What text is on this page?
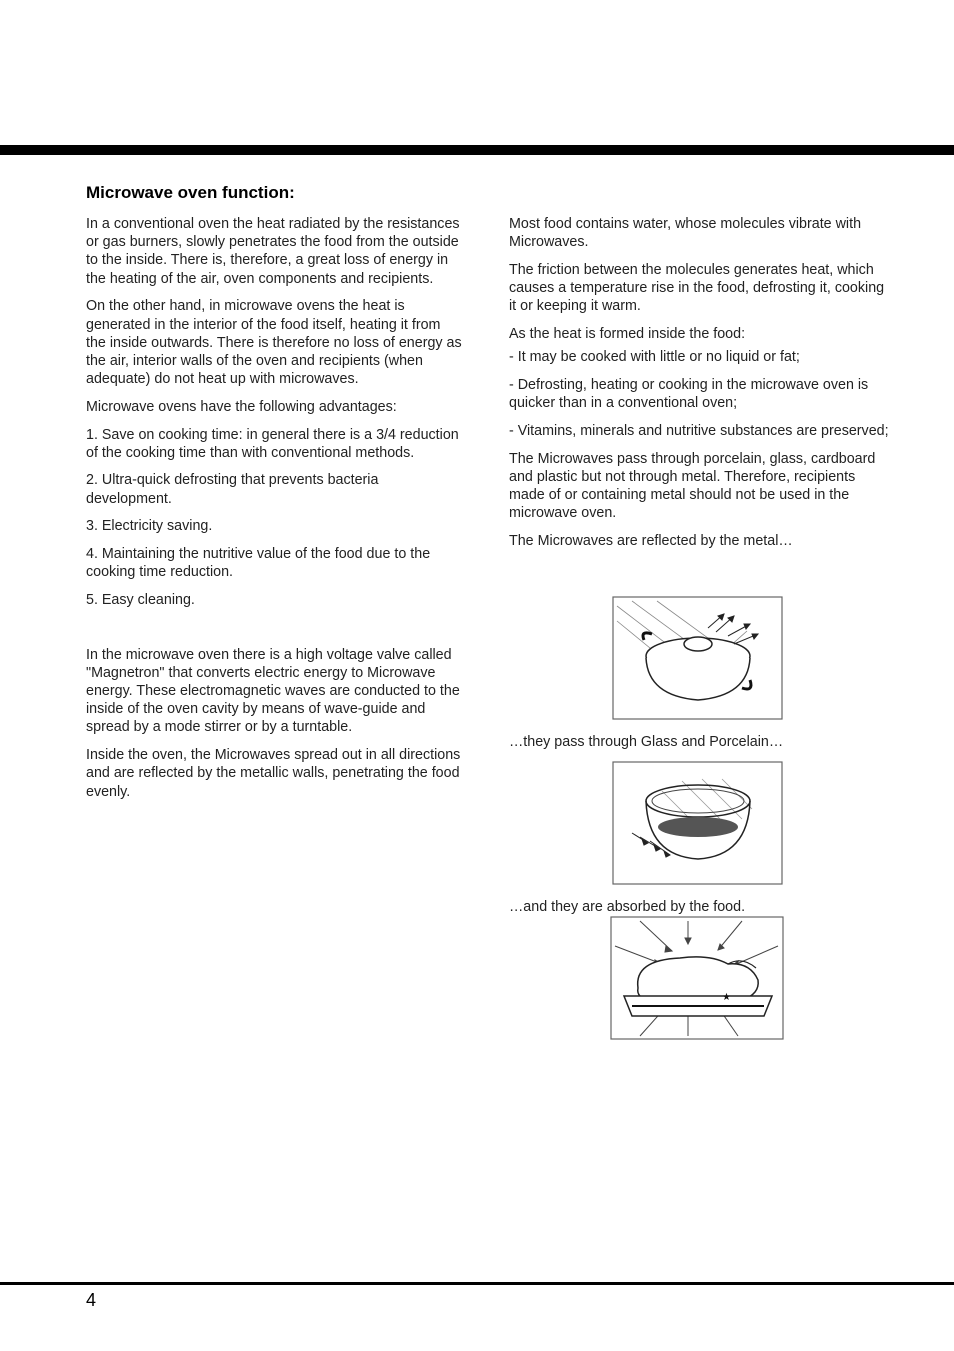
Microwave oven function:

In a conventional oven the heat radiated by the resistances or gas burners, slowly penetrates the food from the outside to the inside. There is, therefore, a great loss of energy in the heating of the air, oven components and recipients.

On the other hand, in microwave ovens the heat is generated in the interior of the food itself, heating it from the inside outwards. There is therefore no loss of energy as the air, interior walls of the oven and recipients (when adequate) do not heat up with microwaves.

Microwave ovens have the following advantages:

1. Save on cooking time: in general there is a 3/4 reduction of the cooking time than with conventional methods.

2. Ultra-quick defrosting that prevents bacteria development.

3. Electricity saving.

4. Maintaining the nutritive value of the food due to the cooking time reduction.

5. Easy cleaning.

In the microwave oven there is a high voltage valve called "Magnetron" that converts electric energy to Microwave energy. These electromagnetic waves are conducted to the inside of the oven cavity by means of wave-guide and spread by a mode stirrer or by a turntable.

Inside the oven, the Microwaves spread out in all directions and are reflected by the metallic walls, penetrating the food evenly.

Most food contains water, whose molecules vibrate with Microwaves.

The friction between the molecules generates heat, which causes a temperature rise in the food, defrosting it, cooking it or keeping it warm.

As the heat is formed inside the food:

- It may be cooked with little or no liquid or fat;

- Defrosting, heating or cooking in the microwave oven is quicker than in a conventional oven;

- Vitamins, minerals and nutritive substances are preserved;

The Microwaves pass through porcelain, glass, cardboard and plastic but not through metal. Therefore, recipients made of or containing metal should not be used in the microwave oven.

The Microwaves are reflected by the metal…

…they pass through Glass and Porcelain…
…and they are absorbed by the food.
★
4
